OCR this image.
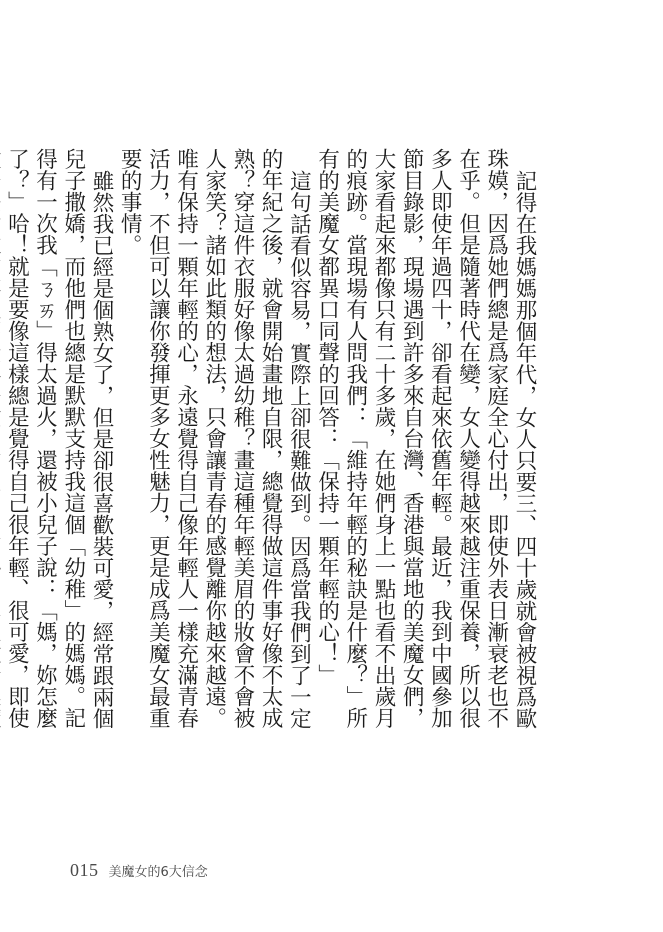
記得在我媽媽那個年代，女人只要三、四十歲就會被視爲歐珠嫫，因爲她們總是爲家庭全心付出，即使外表日漸衰老也不在乎。但是隨著時代在變，女人變得越來越注重保養，所以很多人即使年過四十，卻看起來依舊年輕。最近，我到中國參加節目錄影，現場遇到許多來自台灣、香港與當地的美魔女們，大家看起來都像只有二十多歲，在她們身上一點也看不出歲月的痕跡。當現場有人問我們：「維持年輕的秘訣是什麼？」所有的美魔女都異口同聲的回答：「保持一顆年輕的心！」

這句話看似容易，實際上卻很難做到。因爲當我們到了一定的年紀之後，就會開始畫地自限，總覺得做這件事好像不太成熟？穿這件衣服好像太過幼稚？畫這種年輕美眉的妝會不會被人家笑？諸如此類的想法，只會讓青春的感覺離你越來越遠。唯有保持一顆年輕的心，永遠覺得自己像年輕人一樣充滿青春活力，不但可以讓你發揮更多女性魅力，更是成爲美魔女最重要的事情。

雖然我已經是個熟女了，但是卻很喜歡裝可愛，經常跟兩個兒子撒嬌，而他們也總是默默支持我這個「幼稚」的媽媽。記得有一次我「ㄋㄞ」得太過火，還被小兒子說：「媽，妳怎麼了？」哈！就是要像這樣總是覺得自己很年輕、很可愛，即使

015 美魔女的6大信念
